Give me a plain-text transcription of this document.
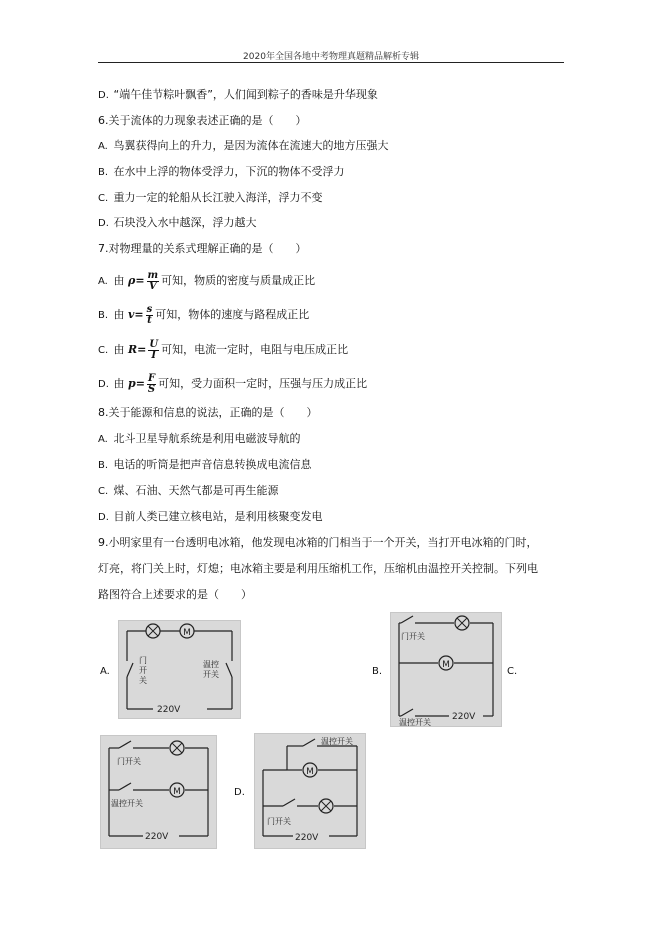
2020年全国各地中考物理真题精品解析专辑
D. “端午佳节粽叶飘香”，人们闻到粽子的香味是升华现象
6.关于流体的力现象表述正确的是（　　）
A. 鸟翼获得向上的升力，是因为流体在流速大的地方压强大
B. 在水中上浮的物体受浮力，下沉的物体不受浮力
C. 重力一定的轮船从长江驶入海洋，浮力不变
D. 石块没入水中越深，浮力越大
7.对物理量的关系式理解正确的是（　　）
A. 由 $\rho= \frac{m}{V}$ 可知，物质的密度与质量成正比
B. 由 $v= \frac{s}{t}$ 可知，物体的速度与路程成正比
C. 由 $R= \frac{U}{I}$ 可知，电流一定时，电阻与电压成正比
D. 由 $p= \frac{F}{S}$ 可知，受力面积一定时，压强与压力成正比
8.关于能源和信息的说法，正确的是（　　）
A. 北斗卫星导航系统是利用电磁波导航的
B. 电话的听筒是把声音信息转换成电流信息
C. 煤、石油、天然气都是可再生能源
D. 目前人类已建立核电站，是利用核聚变发电
9.小明家里有一台透明电冰箱，他发现电冰箱的门相当于一个开关，当打开电冰箱的门时，
灯亮，将门关上时，灯熄；电冰箱主要是利用压缩机工作，压缩机由温控开关控制。下列电
路图符合上述要求的是（　　）
A.	B.	C.
D.
M
门
开
关
温控
开关
220V
M
门开关
温控开关
220V
M
门开关
温控开关
220V
M
温控开关
门开关
220V
